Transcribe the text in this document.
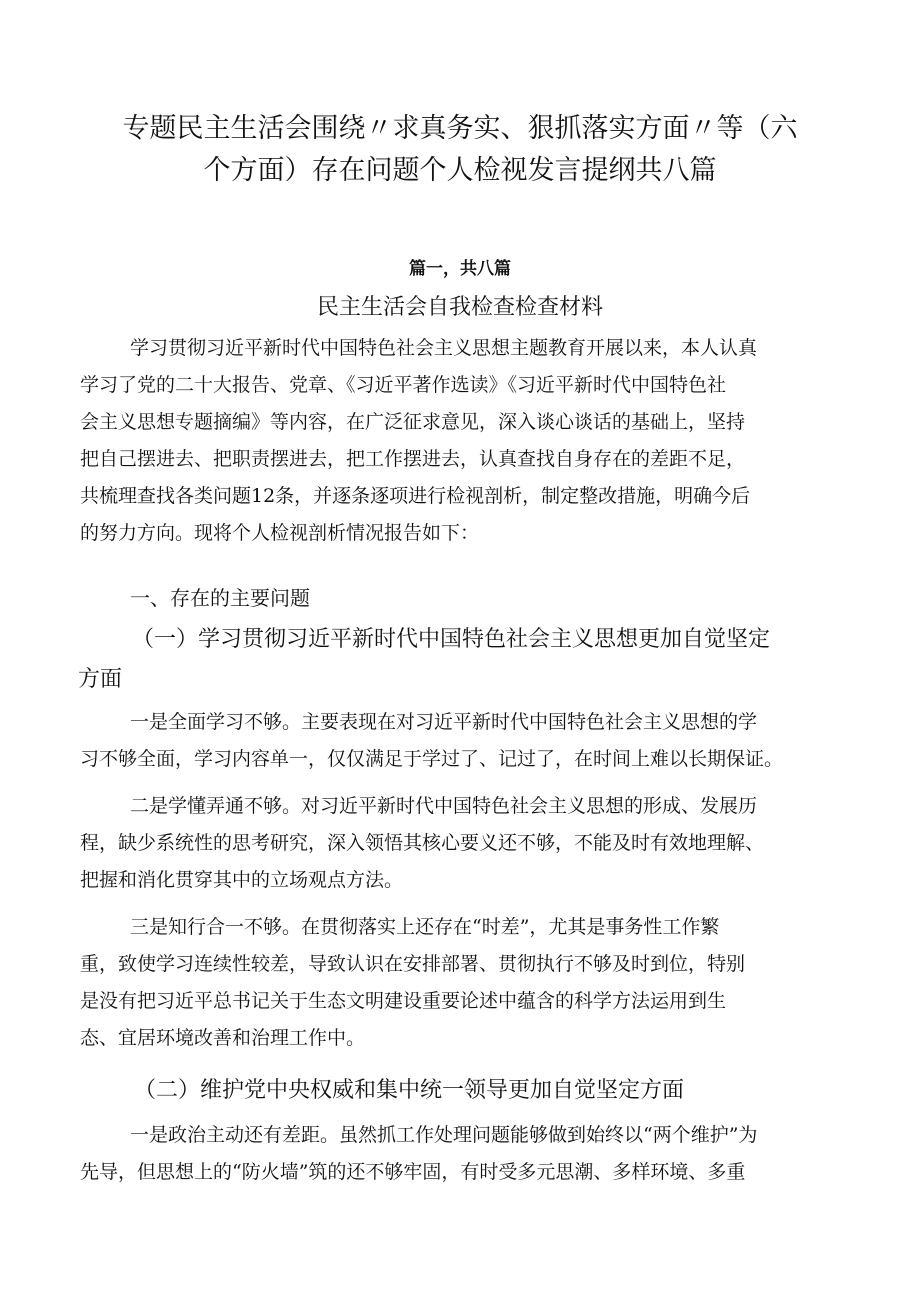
专题民主生活会围绕〃求真务实、狠抓落实方面〃等（六
个方面）存在问题个人检视发言提纲共八篇
篇一，共八篇
民主生活会自我检查检查材料
学习贯彻习近平新时代中国特色社会主义思想主题教育开展以来，本人认真
学习了党的二十大报告、党章、《习近平著作选读》《习近平新时代中国特色社
会主义思想专题摘编》等内容，在广泛征求意见，深入谈心谈话的基础上，坚持
把自己摆进去、把职责摆进去，把工作摆进去，认真查找自身存在的差距不足，
共梳理查找各类问题12条，并逐条逐项进行检视剖析，制定整改措施，明确今后
的努力方向。现将个人检视剖析情况报告如下：
一、存在的主要问题
（一）学习贯彻习近平新时代中国特色社会主义思想更加自觉坚定
方面
一是全面学习不够。主要表现在对习近平新时代中国特色社会主义思想的学
习不够全面，学习内容单一，仅仅满足于学过了、记过了，在时间上难以长期保证。
二是学懂弄通不够。对习近平新时代中国特色社会主义思想的形成、发展历
程，缺少系统性的思考研究，深入领悟其核心要义还不够，不能及时有效地理解、
把握和消化贯穿其中的立场观点方法。
三是知行合一不够。在贯彻落实上还存在“时差”，尤其是事务性工作繁
重，致使学习连续性较差，导致认识在安排部署、贯彻执行不够及时到位，特别
是没有把习近平总书记关于生态文明建设重要论述中蕴含的科学方法运用到生
态、宜居环境改善和治理工作中。
（二）维护党中央权威和集中统一领导更加自觉坚定方面
一是政治主动还有差距。虽然抓工作处理问题能够做到始终以“两个维护”为
先导，但思想上的“防火墙”筑的还不够牢固，有时受多元思潮、多样环境、多重
